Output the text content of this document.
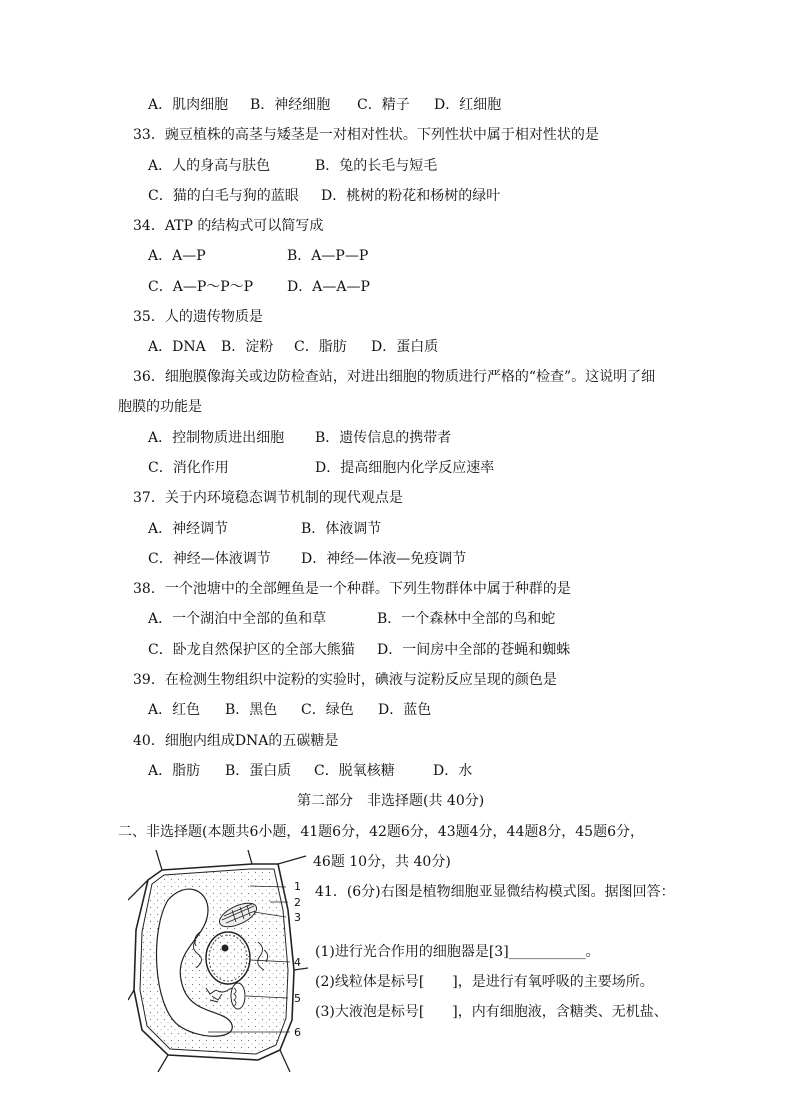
A．肌肉细胞 B．神经细胞 C．精子 D．红细胞
33．豌豆植株的高茎与矮茎是一对相对性状。下列性状中属于相对性状的是
A．人的身高与肤色	B．兔的长毛与短毛
C．猫的白毛与狗的蓝眼 D．桃树的粉花和杨树的绿叶
34．ATP 的结构式可以简写成
A．A—P	B．A—P—P
C．A—P～P～P D．A—A—P
35．人的遗传物质是
A．DNA B．淀粉 C．脂肪 D．蛋白质
36．细胞膜像海关或边防检查站，对进出细胞的物质进行严格的“检查”。这说明了细
胞膜的功能是
A．控制物质进出细胞 B．遗传信息的携带者
C．消化作用	D．提高细胞内化学反应速率
37．关于内环境稳态调节机制的现代观点是
A．神经调节	B．体液调节
C．神经—体液调节 D．神经—体液—免疫调节
38．一个池塘中的全部鲤鱼是一个种群。下列生物群体中属于种群的是
A．一个湖泊中全部的鱼和草	B．一个森林中全部的鸟和蛇
C．卧龙自然保护区的全部大熊猫 D．一间房中全部的苍蝇和蜘蛛
39．在检测生物组织中淀粉的实验时，碘液与淀粉反应呈现的颜色是
A．红色 B．黑色 C．绿色 D．蓝色
40．细胞内组成DNA的五碳糖是
A．脂肪 B．蛋白质 C．脱氧核糖	D．水
第二部分　非选择题(共 40分)
二、非选择题(本题共6小题，41题6分，42题6分，43题4分，44题8分，45题6分，
46题 10分，共 40分)
41．(6分)右图是植物细胞亚显微结构模式图。据图回答：
(1)进行光合作用的细胞器是[3]___________。
(2)线粒体是标号[　　]，是进行有氧呼吸的主要场所。
(3)大液泡是标号[　　]，内有细胞液，含糖类、无机盐、
1
2
3
4
5
6
